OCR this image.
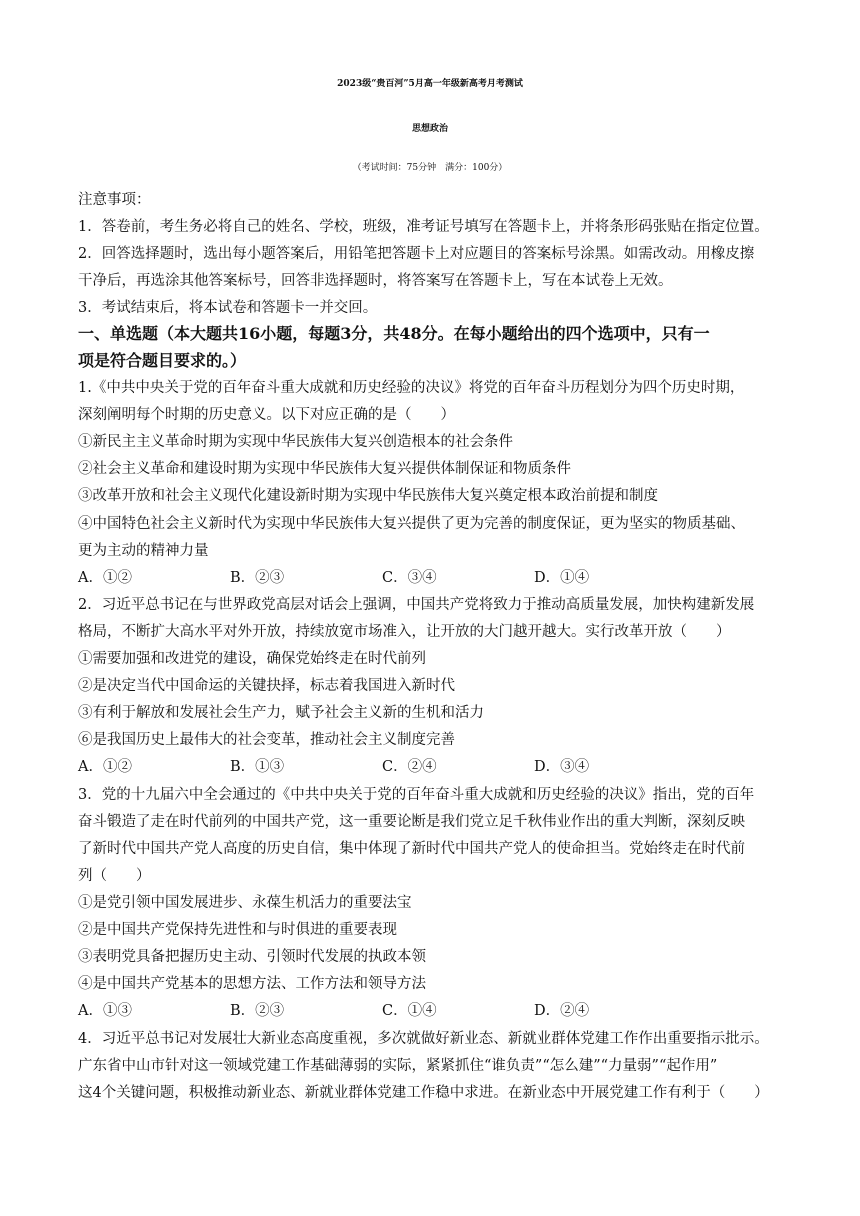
2023级“贵百河”5月高一年级新高考月考测试
思想政治
（考试时间：75分钟　满分：100分）
注意事项：
1．答卷前，考生务必将自己的姓名、学校，班级，准考证号填写在答题卡上，并将条形码张贴在指定位置。
2．回答选择题时，选出每小题答案后，用铅笔把答题卡上对应题目的答案标号涂黑。如需改动。用橡皮擦
干净后，再选涂其他答案标号，回答非选择题时，将答案写在答题卡上，写在本试卷上无效。
3．考试结束后，将本试卷和答题卡一并交回。
一、单选题（本大题共16小题，每题3分，共48分。在每小题给出的四个选项中，只有一
项是符合题目要求的。）
1.《中共中央关于党的百年奋斗重大成就和历史经验的决议》将党的百年奋斗历程划分为四个历史时期，
深刻阐明每个时期的历史意义。以下对应正确的是（　　）
①新民主主义革命时期为实现中华民族伟大复兴创造根本的社会条件
②社会主义革命和建设时期为实现中华民族伟大复兴提供体制保证和物质条件
③改革开放和社会主义现代化建设新时期为实现中华民族伟大复兴奠定根本政治前提和制度
④中国特色社会主义新时代为实现中华民族伟大复兴提供了更为完善的制度保证，更为坚实的物质基础、
更为主动的精神力量
A．①②	B．②③	C．③④	D．①④
2．习近平总书记在与世界政党高层对话会上强调，中国共产党将致力于推动高质量发展，加快构建新发展
格局，不断扩大高水平对外开放，持续放宽市场准入，让开放的大门越开越大。实行改革开放（　　）
①需要加强和改进党的建设，确保党始终走在时代前列
②是决定当代中国命运的关键抉择，标志着我国进入新时代
③有利于解放和发展社会生产力，赋予社会主义新的生机和活力
⑥是我国历史上最伟大的社会变革，推动社会主义制度完善
A．①②	B．①③	C．②④	D．③④
3．党的十九届六中全会通过的《中共中央关于党的百年奋斗重大成就和历史经验的决议》指出，党的百年
奋斗锻造了走在时代前列的中国共产党，这一重要论断是我们党立足千秋伟业作出的重大判断，深刻反映
了新时代中国共产党人高度的历史自信，集中体现了新时代中国共产党人的使命担当。党始终走在时代前
列（　　）
①是党引领中国发展进步、永葆生机活力的重要法宝
②是中国共产党保持先进性和与时俱进的重要表现
③表明党具备把握历史主动、引领时代发展的执政本领
④是中国共产党基本的思想方法、工作方法和领导方法
A．①③	B．②③	C．①④	D．②④
4．习近平总书记对发展壮大新业态高度重视，多次就做好新业态、新就业群体党建工作作出重要指示批示。
广东省中山市针对这一领域党建工作基础薄弱的实际，紧紧抓住“谁负责”“怎么建”“力量弱”“起作用”
这4个关键问题，积极推动新业态、新就业群体党建工作稳中求进。在新业态中开展党建工作有利于（　　）
